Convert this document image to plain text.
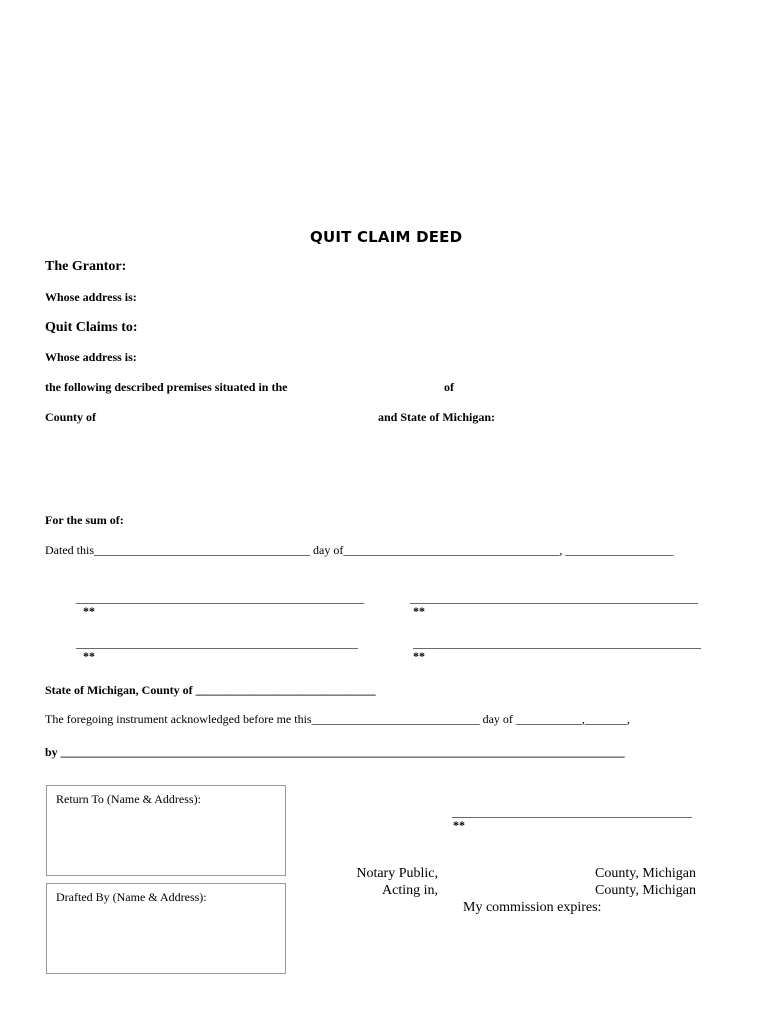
QUIT CLAIM DEED
The Grantor:
Whose address is:
Quit Claims to:
Whose address is:
the following described premises situated in the	of
County of	and State of Michigan:
For the sum of:
Dated this____________________________________ day of____________________________________, __________________
________________________________________________	________________________________________________
**	**
_______________________________________________	________________________________________________
**	**
State of Michigan, County of ______________________________
The foregoing instrument acknowledged before me this____________________________ day of ___________,_______,
by ______________________________________________________________________________________________
Return To (Name & Address):
Drafted By (Name & Address):
________________________________________
**
Notary Public,	County, Michigan
Acting in,	County, Michigan
My commission expires:
